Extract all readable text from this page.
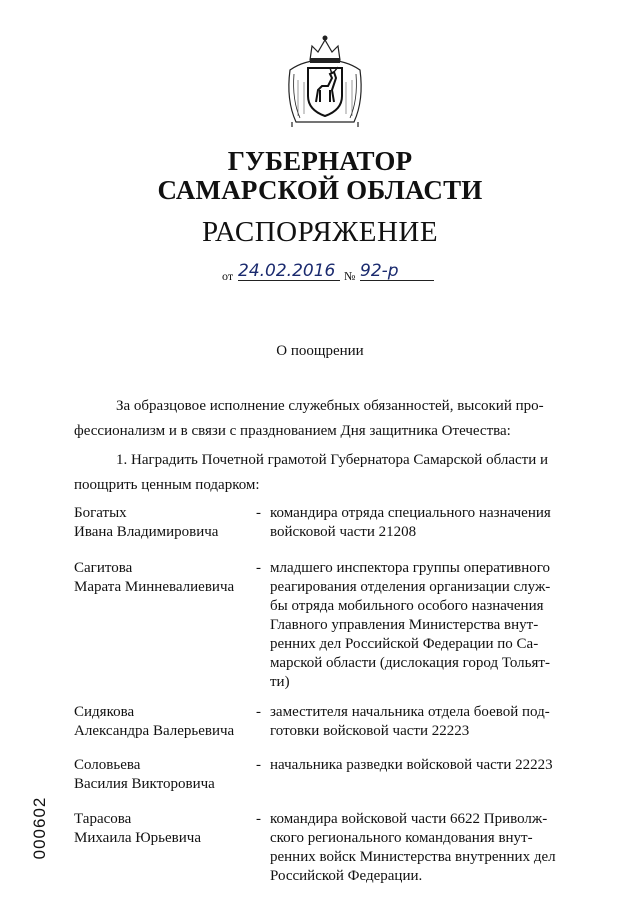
ГУБЕРНАТОР
САМАРСКОЙ ОБЛАСТИ
РАСПОРЯЖЕНИЕ
от 24.02.2016 № 92-р
О поощрении
За образцовое исполнение служебных обязанностей, высокий про-
фессионализм и в связи с празднованием Дня защитника Отечества:
1. Наградить Почетной грамотой Губернатора Самарской области и
поощрить ценным подарком:
Богатых
Ивана Владимировича
- командира отряда специального назначения
войсковой части 21208
Сагитова
Марата Минневалиевича
- младшего инспектора группы оперативного
реагирования отделения организации служ-
бы отряда мобильного особого назначения
Главного управления Министерства внут-
ренних дел Российской Федерации по Са-
марской области (дислокация город Тольят-
ти)
Сидякова
Александра Валерьевича
- заместителя начальника отдела боевой под-
готовки войсковой части 22223
Соловьева
Василия Викторовича
- начальника разведки войсковой части 22223
Тарасова
Михаила Юрьевича
- командира войсковой части 6622 Приволж-
ского регионального командования внут-
ренних войск Министерства внутренних дел
Российской Федерации.
000602
